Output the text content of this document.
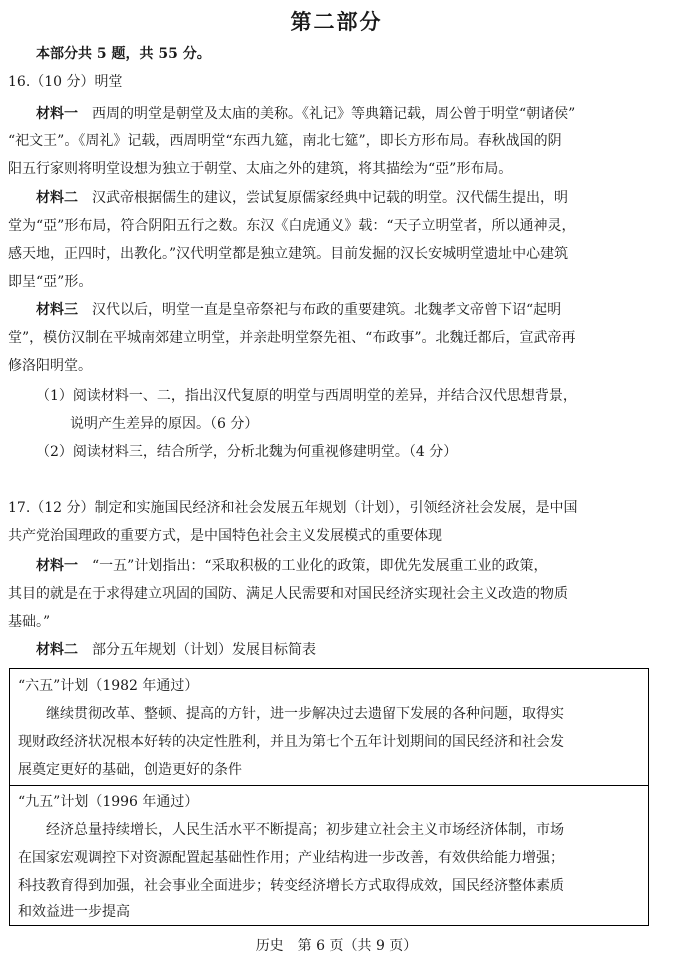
第二部分
本部分共 5 题，共 55 分。
16.（10 分）明堂
材料一　 西周的明堂是朝堂及太庙的美称。《礼记》等典籍记载，周公曾于明堂“朝诸侯”
“祀文王”。《周礼》记载，西周明堂“东西九筵，南北七筵”，即长方形布局。春秋战国的阴
阳五行家则将明堂设想为独立于朝堂、太庙之外的建筑，将其描绘为“亞”形布局。
材料二　 汉武帝根据儒生的建议，尝试复原儒家经典中记载的明堂。汉代儒生提出，明
堂为“亞”形布局，符合阴阳五行之数。东汉《白虎通义》载：“天子立明堂者，所以通神灵，
感天地，正四时，出教化。”汉代明堂都是独立建筑。目前发掘的汉长安城明堂遗址中心建筑
即呈“亞”形。
材料三　 汉代以后，明堂一直是皇帝祭祀与布政的重要建筑。北魏孝文帝曾下诏“起明
堂”，模仿汉制在平城南郊建立明堂，并亲赴明堂祭先祖、“布政事”。北魏迁都后，宣武帝再
修洛阳明堂。
（1）阅读材料一、二，指出汉代复原的明堂与西周明堂的差异，并结合汉代思想背景，
说明产生差异的原因。（6 分）
（2）阅读材料三，结合所学，分析北魏为何重视修建明堂。（4 分）
17.（12 分）制定和实施国民经济和社会发展五年规划（计划），引领经济社会发展，是中国
共产党治国理政的重要方式，是中国特色社会主义发展模式的重要体现
材料一　 “一五”计划指出：“采取积极的工业化的政策，即优先发展重工业的政策，
其目的就是在于求得建立巩固的国防、满足人民需要和对国民经济实现社会主义改造的物质
基础。”
材料二　 部分五年规划（计划）发展目标简表
“六五”计划（1982 年通过）
继续贯彻改革、整顿、提高的方针，进一步解决过去遗留下发展的各种问题，取得实
现财政经济状况根本好转的决定性胜利，并且为第七个五年计划期间的国民经济和社会发
展奠定更好的基础，创造更好的条件
“九五”计划（1996 年通过）
经济总量持续增长，人民生活水平不断提高；初步建立社会主义市场经济体制，市场
在国家宏观调控下对资源配置起基础性作用；产业结构进一步改善，有效供给能力增强；
科技教育得到加强，社会事业全面进步；转变经济增长方式取得成效，国民经济整体素质
和效益进一步提高
历史　第 6 页（共 9 页）
